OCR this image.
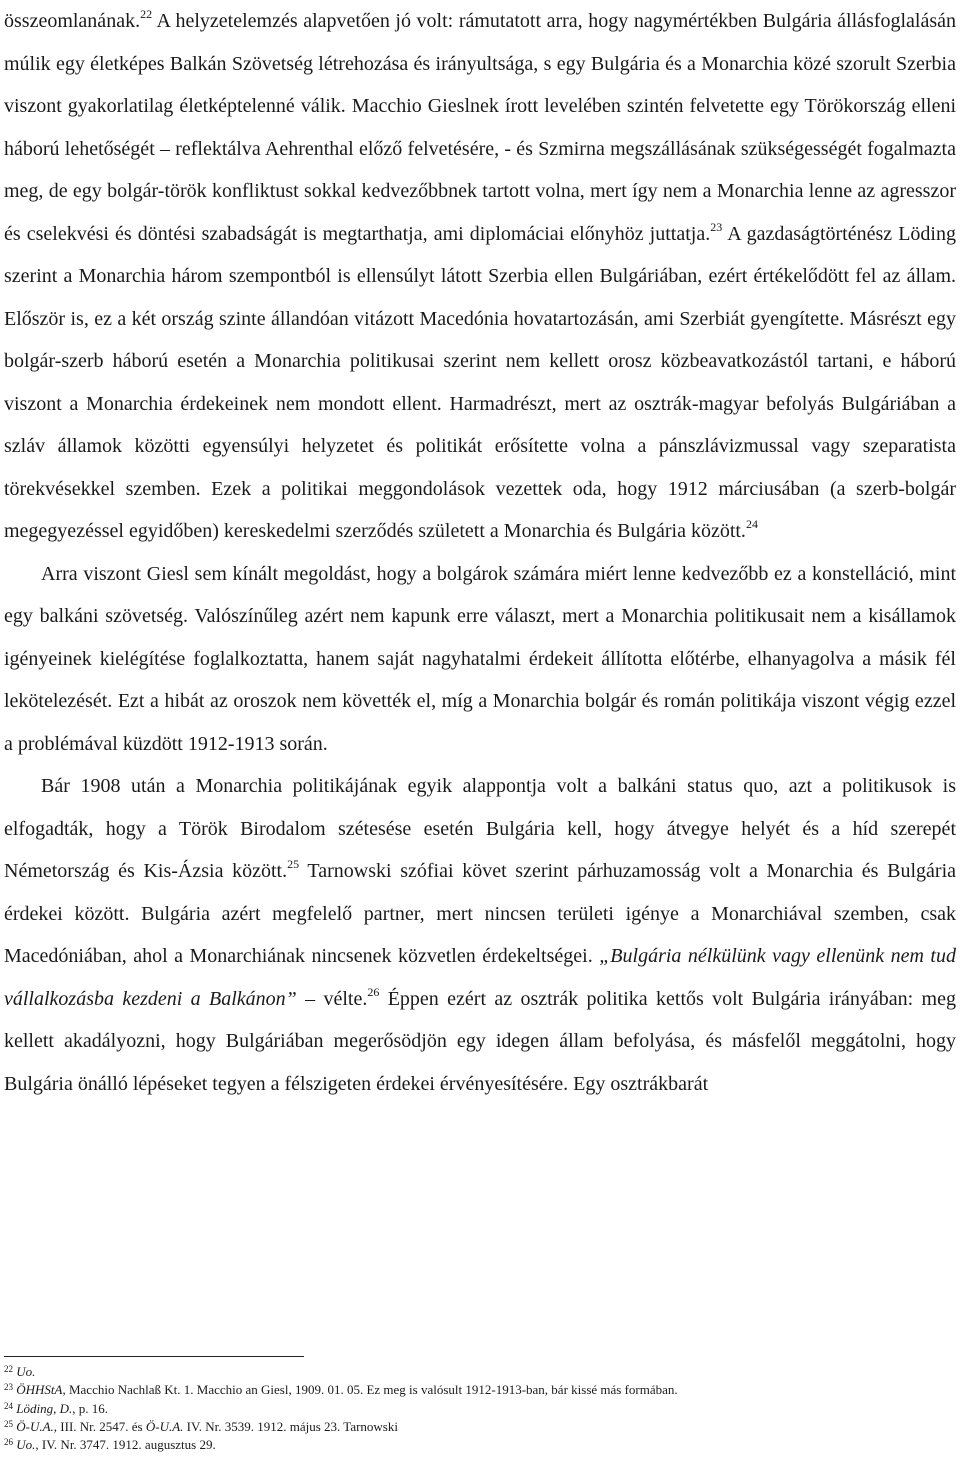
összeomlanának.$^{22}$ A helyzetelemzés alapvetően jó volt: rámutatott arra, hogy nagymértékben Bulgária állásfoglalásán múlik egy életképes Balkán Szövetség létrehozása és irányultsága, s egy Bulgária és a Monarchia közé szorult Szerbia viszont gyakorlatilag életképtelenné válik. Macchio Gieslnek írott levelében szintén felvetette egy Törökország elleni háború lehetőségét – reflektálva Aehrenthal előző felvetésére, - és Szmirna megszállásának szükségességét fogalmazta meg, de egy bolgár-török konfliktust sokkal kedvezőbbnek tartott volna, mert így nem a Monarchia lenne az agresszor és cselekvési és döntési szabadságát is megtarthatja, ami diplomáciai előnyhöz juttatja.$^{23}$ A gazdaságtörténész Löding szerint a Monarchia három szempontból is ellensúlyt látott Szerbia ellen Bulgáriában, ezért értékelődött fel az állam. Először is, ez a két ország szinte állandóan vitázott Macedónia hovatartozásán, ami Szerbiát gyengítette. Másrészt egy bolgár-szerb háború esetén a Monarchia politikusai szerint nem kellett orosz közbeavatkozástól tartani, e háború viszont a Monarchia érdekeinek nem mondott ellent. Harmadrészt, mert az osztrák-magyar befolyás Bulgáriában a szláv államok közötti egyensúlyi helyzetet és politikát erősítette volna a pánszlávizmussal vagy szeparatista törekvésekkel szemben. Ezek a politikai meggondolások vezettek oda, hogy 1912 márciusában (a szerb-bolgár megegyezéssel egyidőben) kereskedelmi szerződés született a Monarchia és Bulgária között.$^{24}$

Arra viszont Giesl sem kínált megoldást, hogy a bolgárok számára miért lenne kedvezőbb ez a konstelláció, mint egy balkáni szövetség. Valószínűleg azért nem kapunk erre választ, mert a Monarchia politikusait nem a kisállamok igényeinek kielégítése foglalkoztatta, hanem saját nagyhatalmi érdekeit állította előtérbe, elhanyagolva a másik fél lekötelezését. Ezt a hibát az oroszok nem követték el, míg a Monarchia bolgár és román politikája viszont végig ezzel a problémával küzdött 1912-1913 során.

Bár 1908 után a Monarchia politikájának egyik alappontja volt a balkáni status quo, azt a politikusok is elfogadták, hogy a Török Birodalom szétesése esetén Bulgária kell, hogy átvegye helyét és a híd szerepét Németország és Kis-Ázsia között.$^{25}$ Tarnowski szófiai követ szerint párhuzamosság volt a Monarchia és Bulgária érdekei között. Bulgária azért megfelelő partner, mert nincsen területi igénye a Monarchiával szemben, csak Macedóniában, ahol a Monarchiának nincsenek közvetlen érdekeltségei. „Bulgária nélkülünk vagy ellenünk nem tud vállalkozásba kezdeni a Balkánon” – vélte.$^{26}$ Éppen ezért az osztrák politika kettős volt Bulgária irányában: meg kellett akadályozni, hogy Bulgáriában megerősödjön egy idegen állam befolyása, és másfelől meggátolni, hogy Bulgária önálló lépéseket tegyen a félszigeten érdekei érvényesítésére. Egy osztrákbarát

$^{22}$ Uo.
$^{23}$ ÖHHStA, Macchio Nachlaß Kt. 1. Macchio an Giesl, 1909. 01. 05. Ez meg is valósult 1912-1913-ban, bár kissé más formában.
$^{24}$ Löding, D., p. 16.
$^{25}$ Ö-U.A., III. Nr. 2547. és Ö-U.A. IV. Nr. 3539. 1912. május 23. Tarnowski
$^{26}$ Uo., IV. Nr. 3747. 1912. augusztus 29.
